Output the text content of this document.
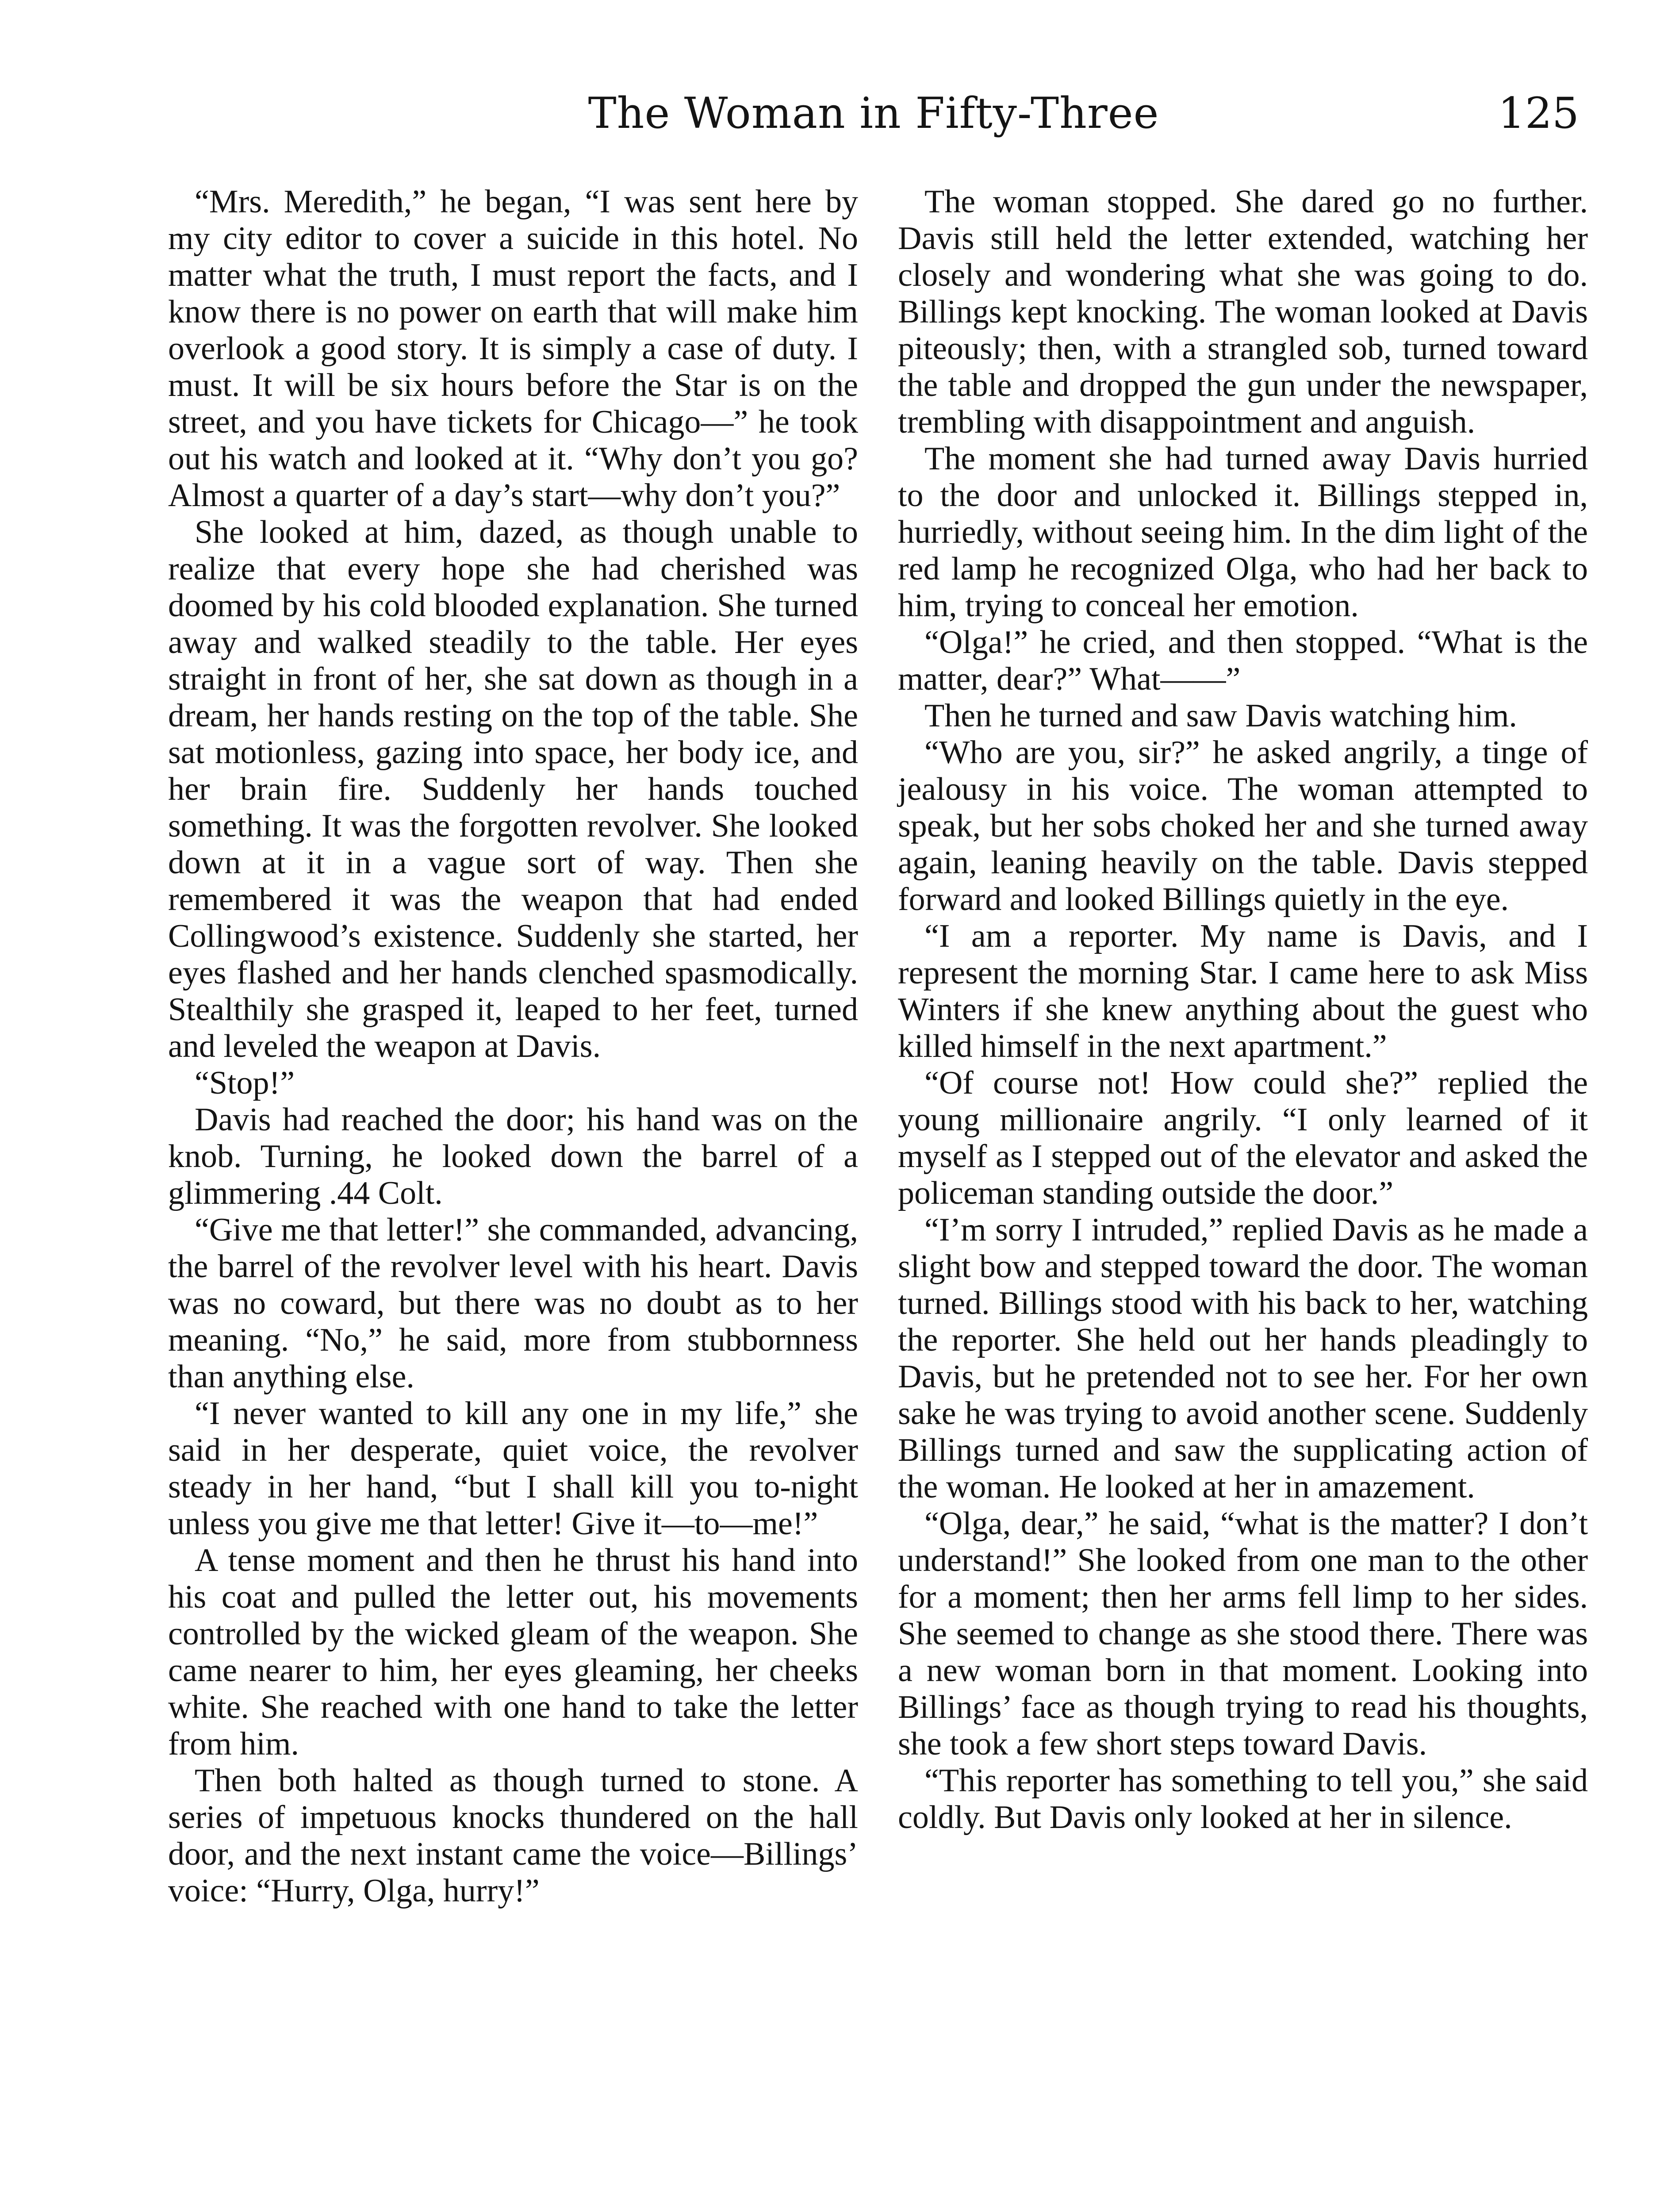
The Woman in Fifty-Three	125

“Mrs. Meredith,” he began, “I was sent here by my city editor to cover a suicide in this hotel. No matter what the truth, I must report the facts, and I know there is no power on earth that will make him overlook a good story. It is simply a case of duty. I must. It will be six hours before the Star is on the street, and you have tickets for Chicago—” he took out his watch and looked at it. “Why don’t you go? Almost a quarter of a day’s start—why don’t you?”

She looked at him, dazed, as though unable to realize that every hope she had cherished was doomed by his cold blooded explanation. She turned away and walked steadily to the table. Her eyes straight in front of her, she sat down as though in a dream, her hands resting on the top of the table. She sat motionless, gazing into space, her body ice, and her brain fire. Suddenly her hands touched something. It was the forgotten revolver. She looked down at it in a vague sort of way. Then she remembered it was the weapon that had ended Collingwood’s existence. Suddenly she started, her eyes flashed and her hands clenched spasmodically. Stealthily she grasped it, leaped to her feet, turned and leveled the weapon at Davis.

“Stop!”

Davis had reached the door; his hand was on the knob. Turning, he looked down the barrel of a glimmering .44 Colt.

“Give me that letter!” she commanded, advancing, the barrel of the revolver level with his heart. Davis was no coward, but there was no doubt as to her meaning. “No,” he said, more from stubbornness than anything else.

“I never wanted to kill any one in my life,” she said in her desperate, quiet voice, the revolver steady in her hand, “but I shall kill you to-night unless you give me that letter! Give it—to—me!”

A tense moment and then he thrust his hand into his coat and pulled the letter out, his movements controlled by the wicked gleam of the weapon. She came nearer to him, her eyes gleaming, her cheeks white. She reached with one hand to take the letter from him.

Then both halted as though turned to stone. A series of impetuous knocks thundered on the hall door, and the next instant came the voice—Billings’ voice: “Hurry, Olga, hurry!”

The woman stopped. She dared go no further. Davis still held the letter extended, watching her closely and wondering what she was going to do. Billings kept knocking. The woman looked at Davis piteously; then, with a strangled sob, turned toward the table and dropped the gun under the newspaper, trembling with disappointment and anguish.

The moment she had turned away Davis hurried to the door and unlocked it. Billings stepped in, hurriedly, without seeing him. In the dim light of the red lamp he recognized Olga, who had her back to him, trying to conceal her emotion.

“Olga!” he cried, and then stopped. “What is the matter, dear?” What——”

Then he turned and saw Davis watching him.

“Who are you, sir?” he asked angrily, a tinge of jealousy in his voice. The woman attempted to speak, but her sobs choked her and she turned away again, leaning heavily on the table. Davis stepped forward and looked Billings quietly in the eye.

“I am a reporter. My name is Davis, and I represent the morning Star. I came here to ask Miss Winters if she knew anything about the guest who killed himself in the next apartment.”

“Of course not! How could she?” replied the young millionaire angrily. “I only learned of it myself as I stepped out of the elevator and asked the policeman standing outside the door.”

“I’m sorry I intruded,” replied Davis as he made a slight bow and stepped toward the door. The woman turned. Billings stood with his back to her, watching the reporter. She held out her hands pleadingly to Davis, but he pretended not to see her. For her own sake he was trying to avoid another scene. Suddenly Billings turned and saw the supplicating action of the woman. He looked at her in amazement.

“Olga, dear,” he said, “what is the matter? I don’t understand!” She looked from one man to the other for a moment; then her arms fell limp to her sides. She seemed to change as she stood there. There was a new woman born in that moment. Looking into Billings’ face as though trying to read his thoughts, she took a few short steps toward Davis.

“This reporter has something to tell you,” she said coldly. But Davis only looked at her in silence.
